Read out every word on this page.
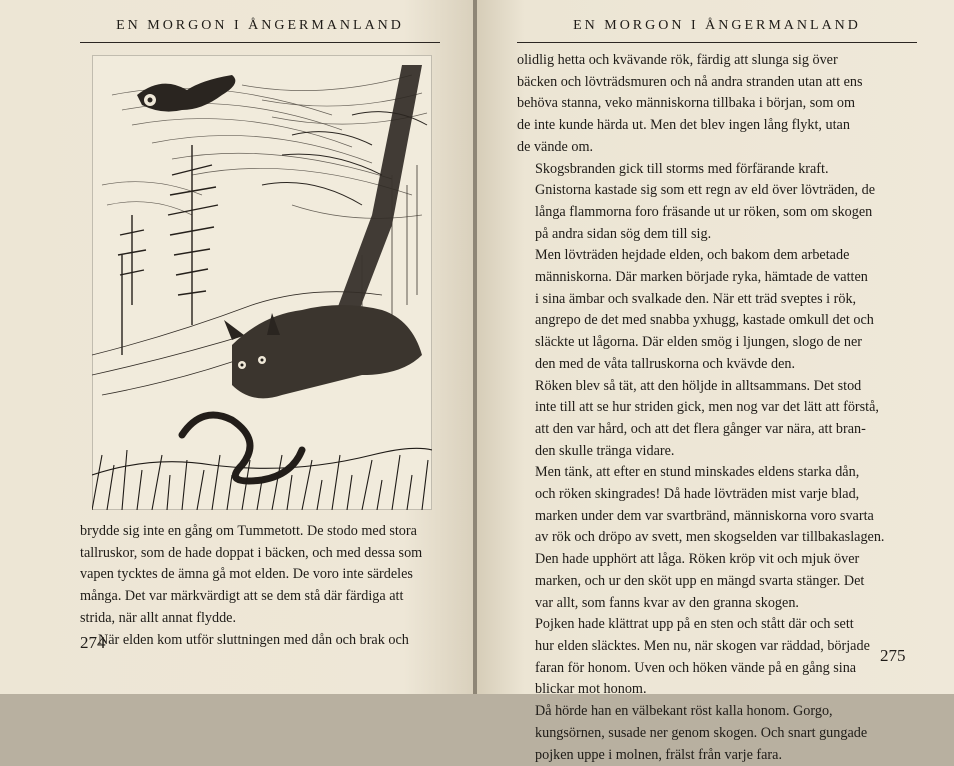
EN MORGON I ÅNGERMANLAND

brydde sig inte en gång om Tummetott. De stodo med stora
tallruskor, som de hade doppat i bäcken, och med dessa som
vapen tycktes de ämna gå mot elden. De voro inte särdeles
många. Det var märkvärdigt att se dem stå där färdiga att
strida, när allt annat flydde.

När elden kom utför sluttningen med dån och brak och

274
EN MORGON I ÅNGERMANLAND

olidlig hetta och kvävande rök, färdig att slunga sig över
bäcken och lövträdsmuren och nå andra stranden utan att ens
behöva stanna, veko människorna tillbaka i början, som om
de inte kunde härda ut. Men det blev ingen lång flykt, utan
de vände om.

Skogsbranden gick till storms med förfärande kraft.
Gnistorna kastade sig som ett regn av eld över lövträden, de
långa flammorna foro fräsande ut ur röken, som om skogen
på andra sidan sög dem till sig.

Men lövträden hejdade elden, och bakom dem arbetade
människorna. Där marken började ryka, hämtade de vatten
i sina ämbar och svalkade den. När ett träd sveptes i rök,
angrepo de det med snabba yxhugg, kastade omkull det och
släckte ut lågorna. Där elden smög i ljungen, slogo de ner
den med de våta tallruskorna och kvävde den.

Röken blev så tät, att den höljde in alltsammans. Det stod
inte till att se hur striden gick, men nog var det lätt att förstå,
att den var hård, och att det flera gånger var nära, att bran-
den skulle tränga vidare.

Men tänk, att efter en stund minskades eldens starka dån,
och röken skingrades! Då hade lövträden mist varje blad,
marken under dem var svartbränd, människorna voro svarta
av rök och dröpo av svett, men skogselden var tillbakaslagen.
Den hade upphört att låga. Röken kröp vit och mjuk över
marken, och ur den sköt upp en mängd svarta stänger. Det
var allt, som fanns kvar av den granna skogen.

Pojken hade klättrat upp på en sten och stått där och sett
hur elden släcktes. Men nu, när skogen var räddad, började
faran för honom. Uven och höken vände på en gång sina
blickar mot honom.

Då hörde han en välbekant röst kalla honom. Gorgo,
kungsörnen, susade ner genom skogen. Och snart gungade
pojken uppe i molnen, frälst från varje fara.

275
